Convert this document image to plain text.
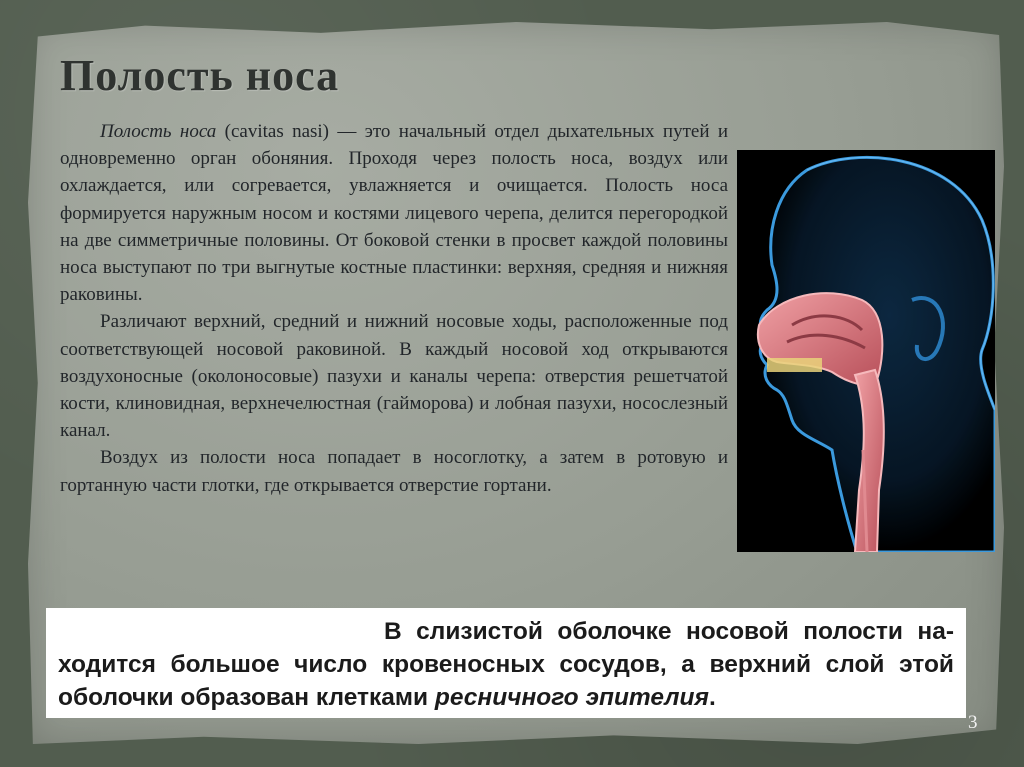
Полость носа

Полость носа (cavitas nasi) — это начальный отдел дыхательных путей и одновременно орган обоняния. Проходя через полость носа, воздух или охлаждается, или согревается, увлажняется и очищается. Полость носа формируется наружным носом и костями лицевого черепа, делится перегородкой на две симметричные половины. От боковой стенки в просвет каждой половины носа выступают по три выгнутые костные пластинки: верхняя, средняя и нижняя раковины.

Различают верхний, средний и нижний носовые ходы, расположенные под соответствующей носовой раковиной. В каждый носовой ход открываются воздухоносные (околоносовые) пазухи и каналы черепа: отверстия решетчатой кости, клиновидная, верхнечелюстная (гайморова) и лобная пазухи, носослезный канал.

Воздух из полости носа попадает в носоглотку, а затем в ротовую и гортанную части глотки, где открывается отверстие гортани.

В слизистой оболочке носовой полости на-
ходится большое число кровеносных сосудов, а верхний слой этой
оболочки образован клетками ресничного эпителия.
3
